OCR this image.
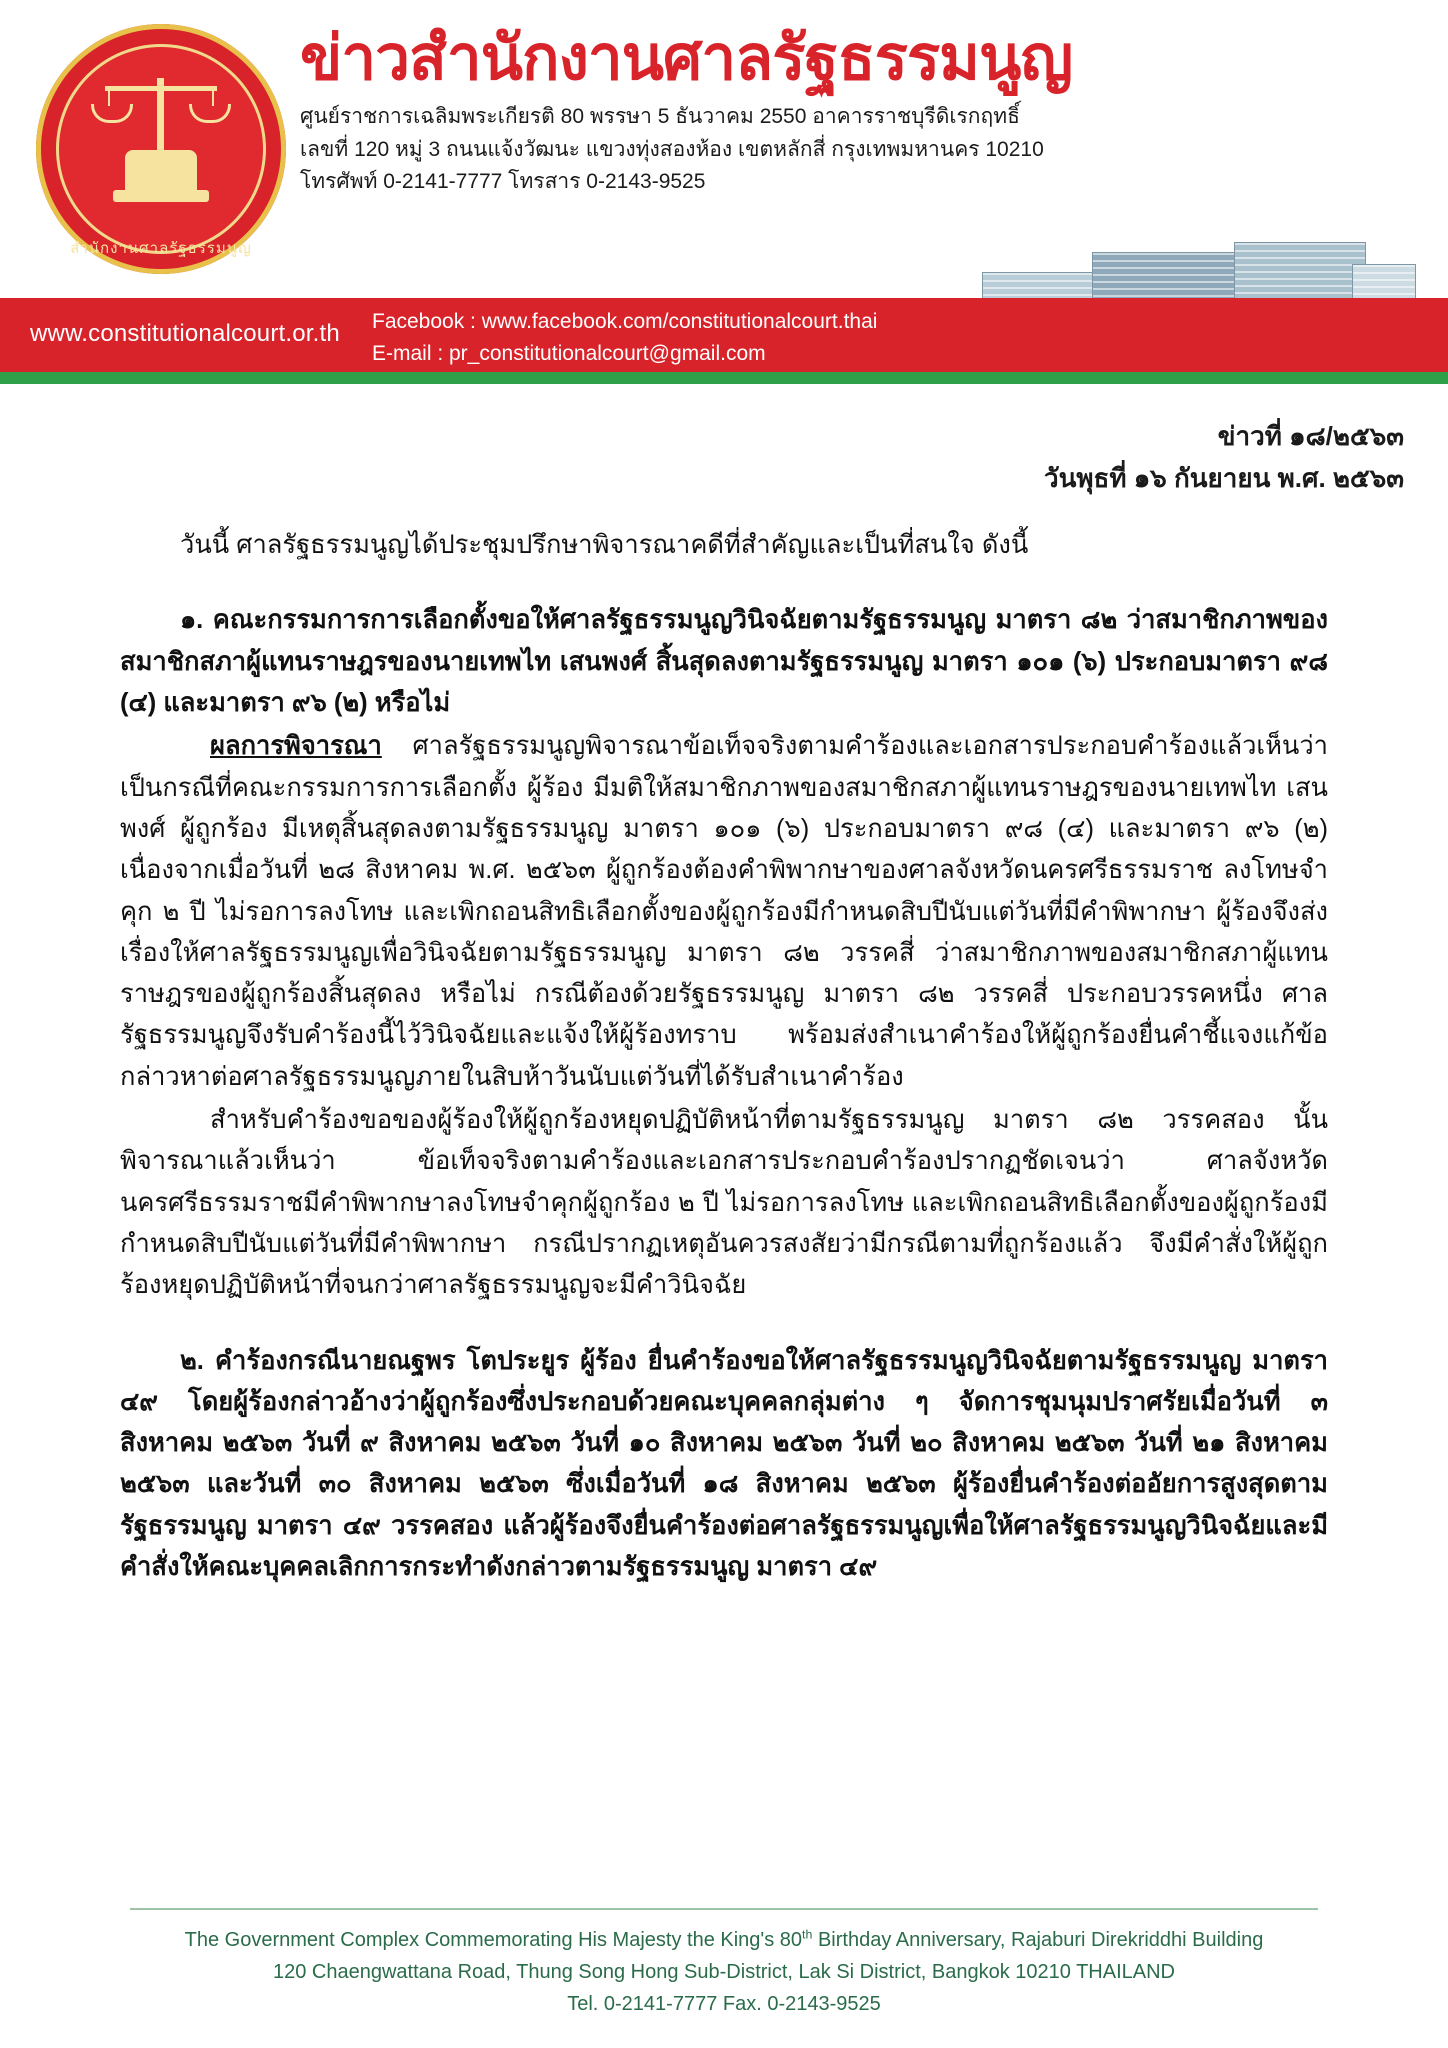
สำนักงานศาลรัฐธรรมนูญ
ข่าวสำนักงานศาลรัฐธรรมนูญ
ศูนย์ราชการเฉลิมพระเกียรติ 80 พรรษา 5 ธันวาคม 2550 อาคารราชบุรีดิเรกฤทธิ์
เลขที่ 120 หมู่ 3 ถนนแจ้งวัฒนะ แขวงทุ่งสองห้อง เขตหลักสี่ กรุงเทพมหานคร 10210
โทรศัพท์ 0-2141-7777 โทรสาร 0-2143-9525
www.constitutionalcourt.or.th Facebook : www.facebook.com/constitutionalcourt.thai
E-mail : pr_constitutionalcourt@gmail.com
ข่าวที่ ๑๘/๒๕๖๓
วันพุธที่ ๑๖ กันยายน พ.ศ. ๒๕๖๓
วันนี้ ศาลรัฐธรรมนูญได้ประชุมปรึกษาพิจารณาคดีที่สำคัญและเป็นที่สนใจ ดังนี้
๑. คณะกรรมการการเลือกตั้งขอให้ศาลรัฐธรรมนูญวินิจฉัยตามรัฐธรรมนูญ มาตรา ๘๒ ว่าสมาชิกภาพของสมาชิกสภาผู้แทนราษฎรของนายเทพไท เสนพงศ์ สิ้นสุดลงตามรัฐธรรมนูญ มาตรา ๑๐๑ (๖) ประกอบมาตรา ๙๘ (๔) และมาตรา ๙๖ (๒) หรือไม่
ผลการพิจารณา ศาลรัฐธรรมนูญพิจารณาข้อเท็จจริงตามคำร้องและเอกสารประกอบคำร้องแล้วเห็นว่า เป็นกรณีที่คณะกรรมการการเลือกตั้ง ผู้ร้อง มีมติให้สมาชิกภาพของสมาชิกสภาผู้แทนราษฎรของนายเทพไท เสนพงศ์ ผู้ถูกร้อง มีเหตุสิ้นสุดลงตามรัฐธรรมนูญ มาตรา ๑๐๑ (๖) ประกอบมาตรา ๙๘ (๔) และมาตรา ๙๖ (๒) เนื่องจากเมื่อวันที่ ๒๘ สิงหาคม พ.ศ. ๒๕๖๓ ผู้ถูกร้องต้องคำพิพากษาของศาลจังหวัดนครศรีธรรมราช ลงโทษจำคุก ๒ ปี ไม่รอการลงโทษ และเพิกถอนสิทธิเลือกตั้งของผู้ถูกร้องมีกำหนดสิบปีนับแต่วันที่มีคำพิพากษา ผู้ร้องจึงส่งเรื่องให้ศาลรัฐธรรมนูญเพื่อวินิจฉัยตามรัฐธรรมนูญ มาตรา ๘๒ วรรคสี่ ว่าสมาชิกภาพของสมาชิกสภาผู้แทนราษฎรของผู้ถูกร้องสิ้นสุดลง หรือไม่ กรณีต้องด้วยรัฐธรรมนูญ มาตรา ๘๒ วรรคสี่ ประกอบวรรคหนึ่ง ศาลรัฐธรรมนูญจึงรับคำร้องนี้ไว้วินิจฉัยและแจ้งให้ผู้ร้องทราบ พร้อมส่งสำเนาคำร้องให้ผู้ถูกร้องยื่นคำชี้แจงแก้ข้อกล่าวหาต่อศาลรัฐธรรมนูญภายในสิบห้าวันนับแต่วันที่ได้รับสำเนาคำร้อง
สำหรับคำร้องขอของผู้ร้องให้ผู้ถูกร้องหยุดปฏิบัติหน้าที่ตามรัฐธรรมนูญ มาตรา ๘๒ วรรคสอง นั้น พิจารณาแล้วเห็นว่า ข้อเท็จจริงตามคำร้องและเอกสารประกอบคำร้องปรากฏชัดเจนว่า ศาลจังหวัดนครศรีธรรมราชมีคำพิพากษาลงโทษจำคุกผู้ถูกร้อง ๒ ปี ไม่รอการลงโทษ และเพิกถอนสิทธิเลือกตั้งของผู้ถูกร้องมีกำหนดสิบปีนับแต่วันที่มีคำพิพากษา กรณีปรากฏเหตุอันควรสงสัยว่ามีกรณีตามที่ถูกร้องแล้ว จึงมีคำสั่งให้ผู้ถูกร้องหยุดปฏิบัติหน้าที่จนกว่าศาลรัฐธรรมนูญจะมีคำวินิจฉัย
๒. คำร้องกรณีนายณฐพร โตประยูร ผู้ร้อง ยื่นคำร้องขอให้ศาลรัฐธรรมนูญวินิจฉัยตามรัฐธรรมนูญ มาตรา ๔๙ โดยผู้ร้องกล่าวอ้างว่าผู้ถูกร้องซึ่งประกอบด้วยคณะบุคคลกลุ่มต่าง ๆ จัดการชุมนุมปราศรัยเมื่อวันที่ ๓ สิงหาคม ๒๕๖๓ วันที่ ๙ สิงหาคม ๒๕๖๓ วันที่ ๑๐ สิงหาคม ๒๕๖๓ วันที่ ๒๐ สิงหาคม ๒๕๖๓ วันที่ ๒๑ สิงหาคม ๒๕๖๓ และวันที่ ๓๐ สิงหาคม ๒๕๖๓ ซึ่งเมื่อวันที่ ๑๘ สิงหาคม ๒๕๖๓ ผู้ร้องยื่นคำร้องต่ออัยการสูงสุดตามรัฐธรรมนูญ มาตรา ๔๙ วรรคสอง แล้วผู้ร้องจึงยื่นคำร้องต่อศาลรัฐธรรมนูญเพื่อให้ศาลรัฐธรรมนูญวินิจฉัยและมีคำสั่งให้คณะบุคคลเลิกการกระทำดังกล่าวตามรัฐธรรมนูญ มาตรา ๔๙
The Government Complex Commemorating His Majesty the King's 80th Birthday Anniversary, Rajaburi Direkriddhi Building
120 Chaengwattana Road, Thung Song Hong Sub-District, Lak Si District, Bangkok 10210 THAILAND
Tel. 0-2141-7777 Fax. 0-2143-9525
